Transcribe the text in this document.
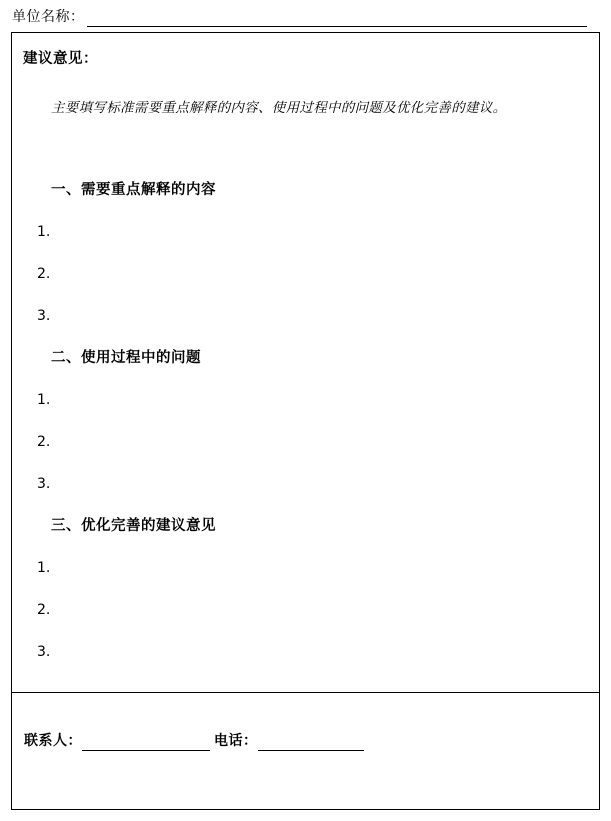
单位名称：
建议意见：
主要填写标准需要重点解释的内容、使用过程中的问题及优化完善的建议。
一、需要重点解释的内容
1.
2.
3.
二、使用过程中的问题
1.
2.
3.
三、优化完善的建议意见
1.
2.
3.
联系人：	电话：
